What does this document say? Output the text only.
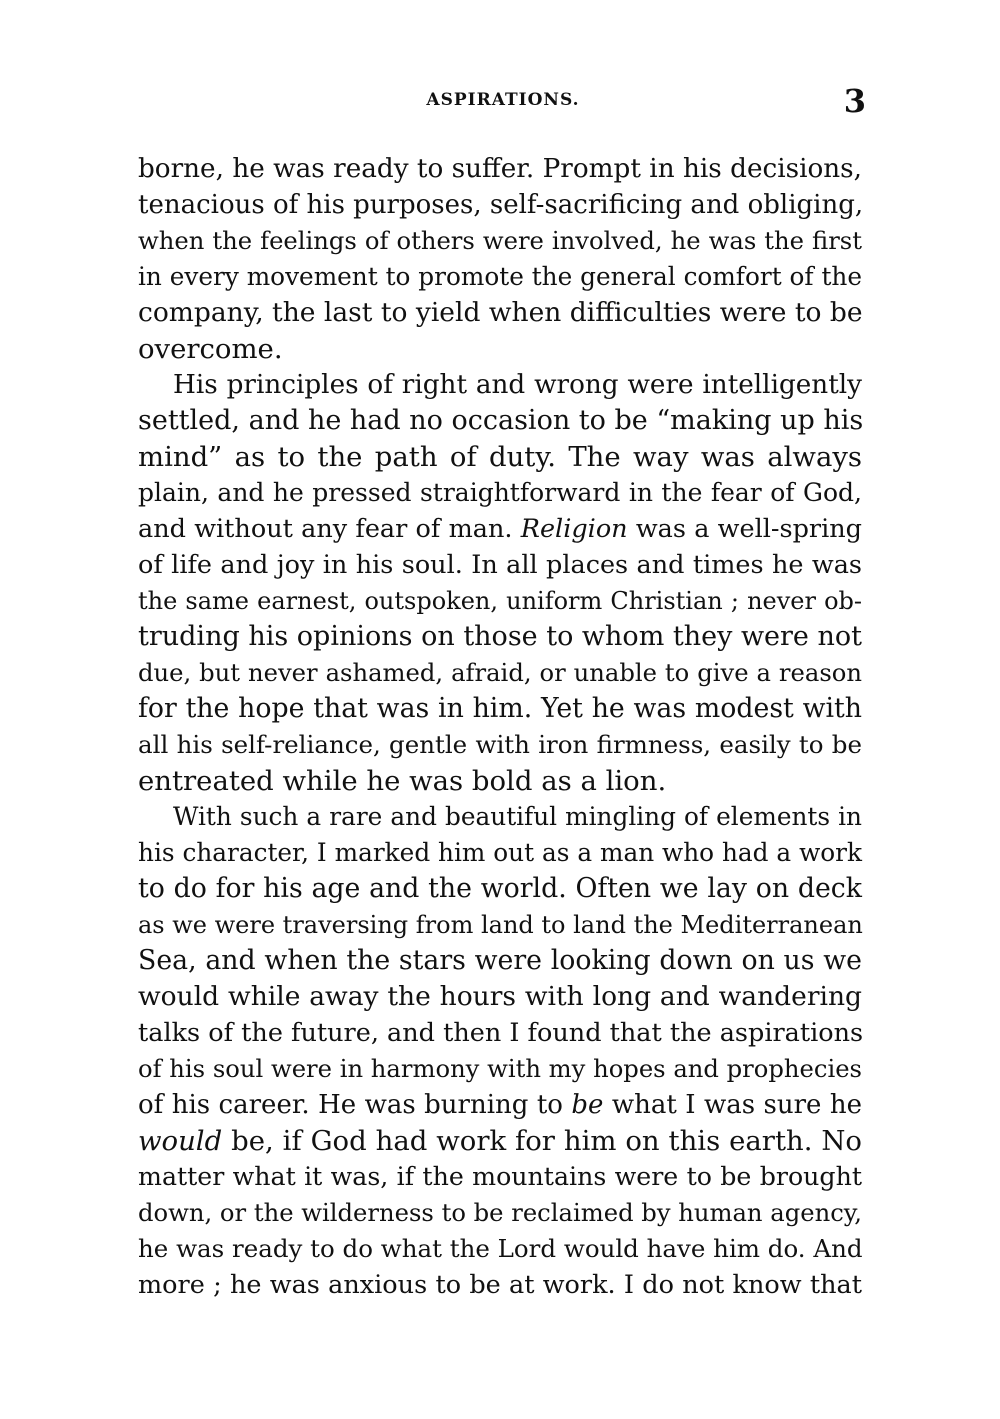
ASPIRATIONS.	3
borne, he was ready to suffer. Prompt in his decisions,
tenacious of his purposes, self-sacrificing and obliging,
when the feelings of others were involved, he was the first
in every movement to promote the general comfort of the
company, the last to yield when difficulties were to be
overcome.
His principles of right and wrong were intelligently
settled, and he had no occasion to be “making up his
mind” as to the path of duty. The way was always
plain, and he pressed straightforward in the fear of God,
and without any fear of man. Religion was a well-spring
of life and joy in his soul. In all places and times he was
the same earnest, outspoken, uniform Christian ; never ob-
truding his opinions on those to whom they were not
due, but never ashamed, afraid, or unable to give a reason
for the hope that was in him. Yet he was modest with
all his self-reliance, gentle with iron firmness, easily to be
entreated while he was bold as a lion.
With such a rare and beautiful mingling of elements in
his character, I marked him out as a man who had a work
to do for his age and the world. Often we lay on deck
as we were traversing from land to land the Mediterranean
Sea, and when the stars were looking down on us we
would while away the hours with long and wandering
talks of the future, and then I found that the aspirations
of his soul were in harmony with my hopes and prophecies
of his career. He was burning to be what I was sure he
would be, if God had work for him on this earth. No
matter what it was, if the mountains were to be brought
down, or the wilderness to be reclaimed by human agency,
he was ready to do what the Lord would have him do. And
more ; he was anxious to be at work. I do not know that
